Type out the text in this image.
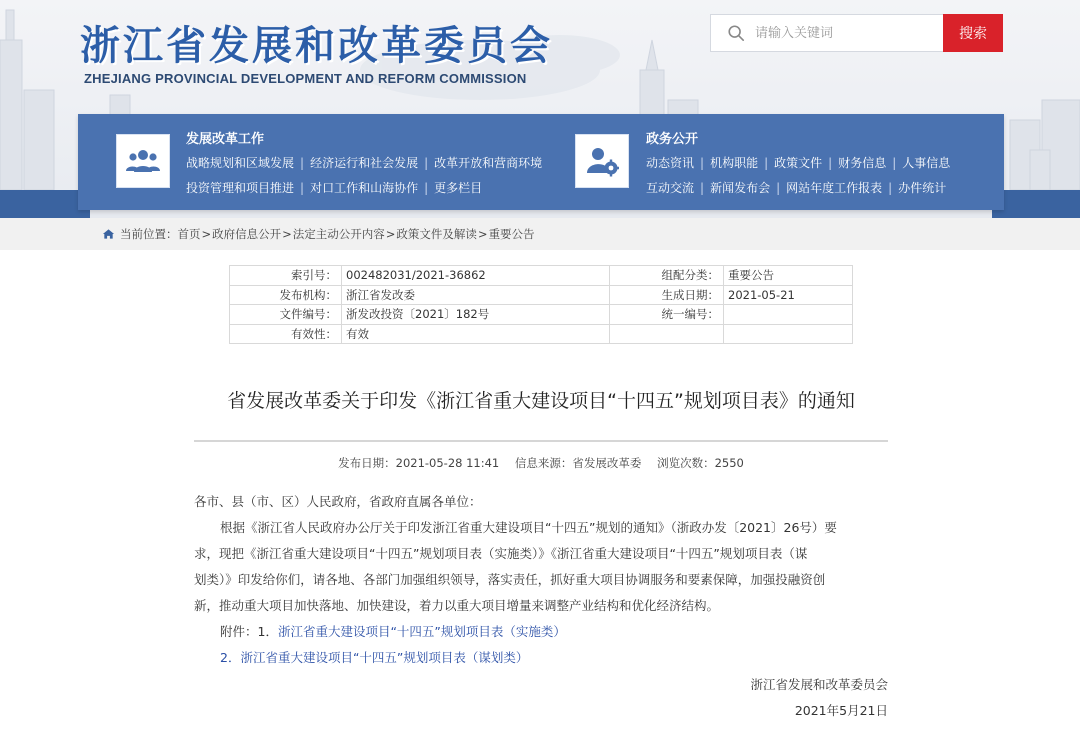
浙江省发展和改革委员会
ZHEJIANG PROVINCIAL DEVELOPMENT AND REFORM COMMISSION
请输入关键词
搜索
发展改革工作
战略规划和区域发展 | 经济运行和社会发展 | 改革开放和营商环境
投资管理和项目推进 | 对口工作和山海协作 | 更多栏目
政务公开
动态资讯 | 机构职能 | 政策文件 | 财务信息 | 人事信息
互动交流 | 新闻发布会 | 网站年度工作报表 | 办件统计
当前位置： 首页 > 政府信息公开 > 法定主动公开内容 > 政策文件及解读 > 重要公告
索引号：	002482031/2021-36862	组配分类：	重要公告
发布机构：	浙江省发改委	生成日期：	2021-05-21
文件编号：	浙发改投资〔2021〕182号	统一编号：	
有效性：	有效		
省发展改革委关于印发《浙江省重大建设项目“十四五”规划项目表》的通知
发布日期：2021-05-28 11:41 信息来源：省发展改革委 浏览次数：2550
各市、县（市、区）人民政府，省政府直属各单位：
根据《浙江省人民政府办公厅关于印发浙江省重大建设项目“十四五”规划的通知》（浙政办发〔2021〕26号）要
求，现把《浙江省重大建设项目“十四五”规划项目表（实施类）》《浙江省重大建设项目“十四五”规划项目表（谋
划类）》印发给你们，请各地、各部门加强组织领导，落实责任，抓好重大项目协调服务和要素保障，加强投融资创
新，推动重大项目加快落地、加快建设，着力以重大项目增量来调整产业结构和优化经济结构。
附件：1．浙江省重大建设项目“十四五”规划项目表（实施类）
2．浙江省重大建设项目“十四五”规划项目表（谋划类）
浙江省发展和改革委员会
2021年5月21日
